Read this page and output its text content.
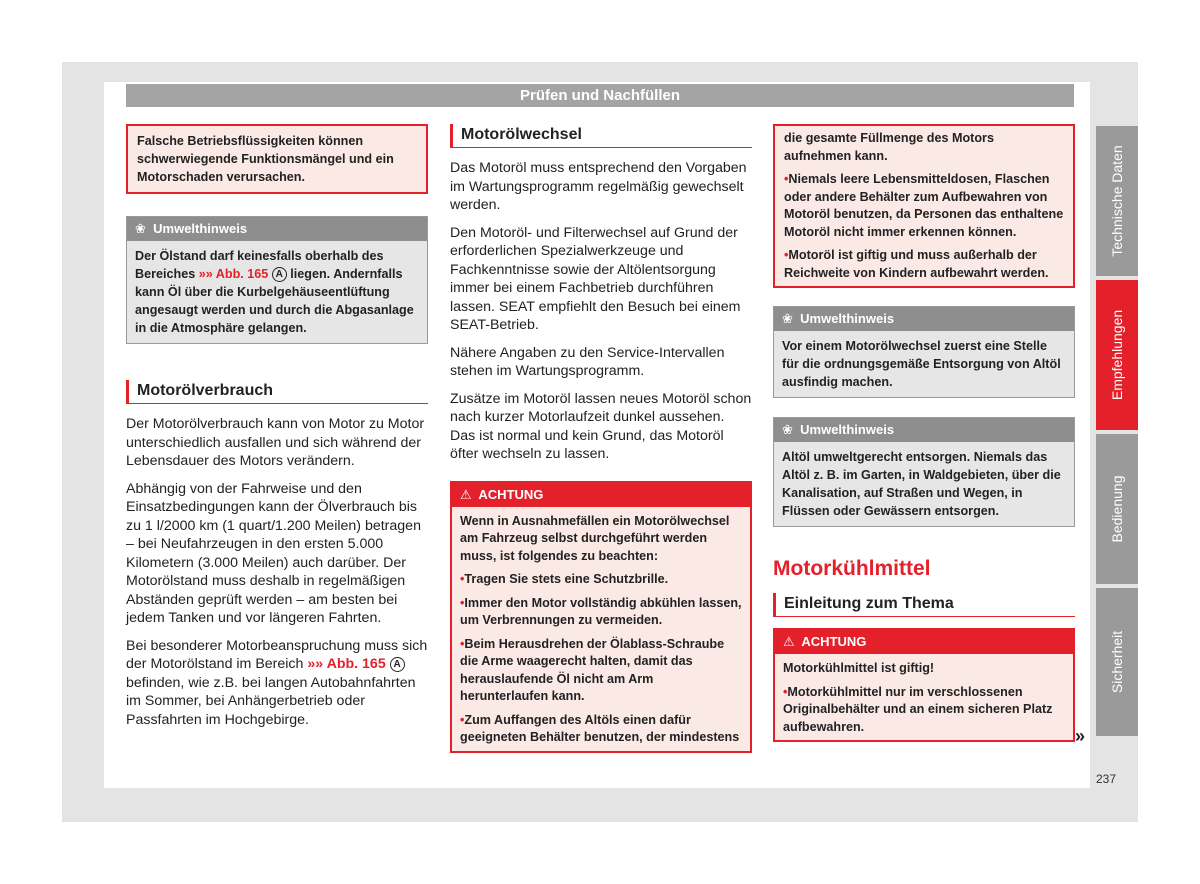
Prüfen und Nachfüllen
Falsche Betriebsflüssigkeiten können schwerwiegende Funktionsmängel und ein Motorschaden verursachen.
❀ Umwelthinweis
Der Ölstand darf keinesfalls oberhalb des Bereiches »» Abb. 165 A liegen. Andernfalls kann Öl über die Kurbelgehäuseentlüftung angesaugt werden und durch die Abgasanlage in die Atmosphäre gelangen.
Motorölverbrauch

Der Motorölverbrauch kann von Motor zu Motor unterschiedlich ausfallen und sich während der Lebensdauer des Motors verändern.

Abhängig von der Fahrweise und den Einsatzbedingungen kann der Ölverbrauch bis zu 1 l/2000 km (1 quart/1.200 Meilen) betragen – bei Neufahrzeugen in den ersten 5.000 Kilometern (3.000 Meilen) auch darüber. Der Motorölstand muss deshalb in regelmäßigen Abständen geprüft werden – am besten bei jedem Tanken und vor längeren Fahrten.

Bei besonderer Motorbeanspruchung muss sich der Motorölstand im Bereich »» Abb. 165 A befinden, wie z.B. bei langen Autobahnfahrten im Sommer, bei Anhängerbetrieb oder Passfahrten im Hochgebirge.

Motorölwechsel

Das Motoröl muss entsprechend den Vorgaben im Wartungsprogramm regelmäßig gewechselt werden.

Den Motoröl- und Filterwechsel auf Grund der erforderlichen Spezialwerkzeuge und Fachkenntnisse sowie der Altölentsorgung immer bei einem Fachbetrieb durchführen lassen. SEAT empfiehlt den Besuch bei einem SEAT-Betrieb.

Nähere Angaben zu den Service-Intervallen stehen im Wartungsprogramm.

Zusätze im Motoröl lassen neues Motoröl schon nach kurzer Motorlaufzeit dunkel aussehen. Das ist normal und kein Grund, das Motoröl öfter wechseln zu lassen.

⚠ ACHTUNG

Wenn in Ausnahmefällen ein Motorölwechsel am Fahrzeug selbst durchgeführt werden muss, ist folgendes zu beachten:

• Tragen Sie stets eine Schutzbrille.

• Immer den Motor vollständig abkühlen lassen, um Verbrennungen zu vermeiden.

• Beim Herausdrehen der Ölablass-Schraube die Arme waagerecht halten, damit das herauslaufende Öl nicht am Arm herunterlaufen kann.

• Zum Auffangen des Altöls einen dafür geeigneten Behälter benutzen, der mindestens

die gesamte Füllmenge des Motors aufnehmen kann.

• Niemals leere Lebensmitteldosen, Flaschen oder andere Behälter zum Aufbewahren von Motoröl benutzen, da Personen das enthaltene Motoröl nicht immer erkennen können.

• Motoröl ist giftig und muss außerhalb der Reichweite von Kindern aufbewahrt werden.

❀ Umwelthinweis
Vor einem Motorölwechsel zuerst eine Stelle für die ordnungsgemäße Entsorgung von Altöl ausfindig machen.
❀ Umwelthinweis
Altöl umweltgerecht entsorgen. Niemals das Altöl z. B. im Garten, in Waldgebieten, über die Kanalisation, auf Straßen und Wegen, in Flüssen oder Gewässern entsorgen.
Motorkühlmittel
Einleitung zum Thema
⚠ ACHTUNG

Motorkühlmittel ist giftig!

• Motorkühlmittel nur im verschlossenen Originalbehälter und an einem sicheren Platz aufbewahren.	»
Technische Daten
Empfehlungen
Bedienung
Sicherheit
237
